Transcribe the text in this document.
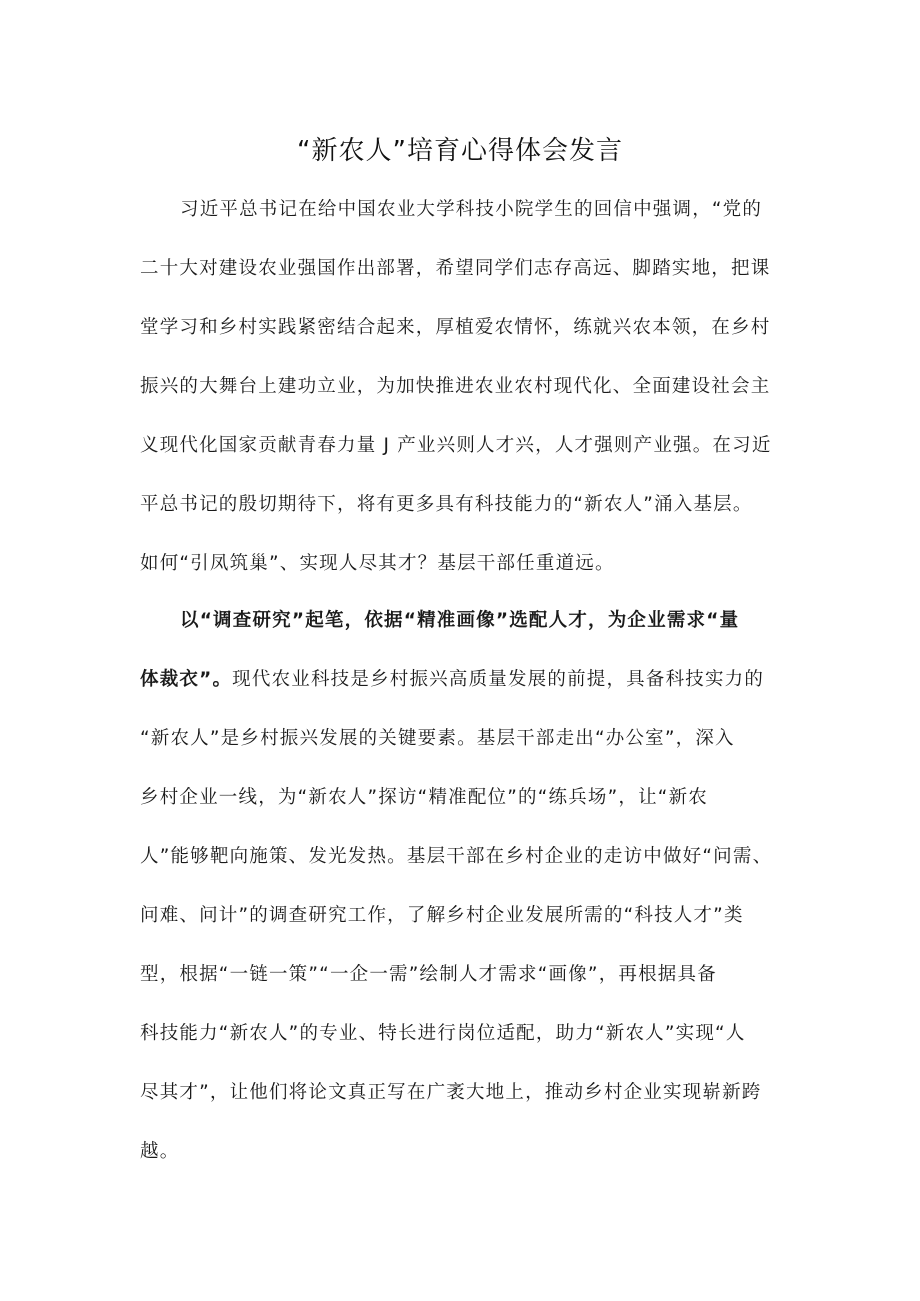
“新农人”培育心得体会发言
习近平总书记在给中国农业大学科技小院学生的回信中强调，“党的
二十大对建设农业强国作出部署，希望同学们志存高远、脚踏实地，把课
堂学习和乡村实践紧密结合起来，厚植爱农情怀，练就兴农本领，在乡村
振兴的大舞台上建功立业，为加快推进农业农村现代化、全面建设社会主
义现代化国家贡献青春力量 J 产业兴则人才兴，人才强则产业强。在习近
平总书记的殷切期待下，将有更多具有科技能力的“新农人”涌入基层。
如何“引凤筑巢”、实现人尽其才？基层干部任重道远。
以“调查研究”起笔，依据“精准画像”选配人才，为企业需求“量
体裁衣”。现代农业科技是乡村振兴高质量发展的前提，具备科技实力的
“新农人”是乡村振兴发展的关键要素。基层干部走出“办公室”，深入
乡村企业一线，为“新农人”探访“精准配位”的“练兵场”，让“新农
人”能够靶向施策、发光发热。基层干部在乡村企业的走访中做好“问需、
问难、问计”的调查研究工作，了解乡村企业发展所需的“科技人才”类
型，根据“一链一策”“一企一需”绘制人才需求“画像”，再根据具备
科技能力“新农人”的专业、特长进行岗位适配，助力“新农人”实现“人
尽其才”，让他们将论文真正写在广袤大地上，推动乡村企业实现崭新跨
越。
